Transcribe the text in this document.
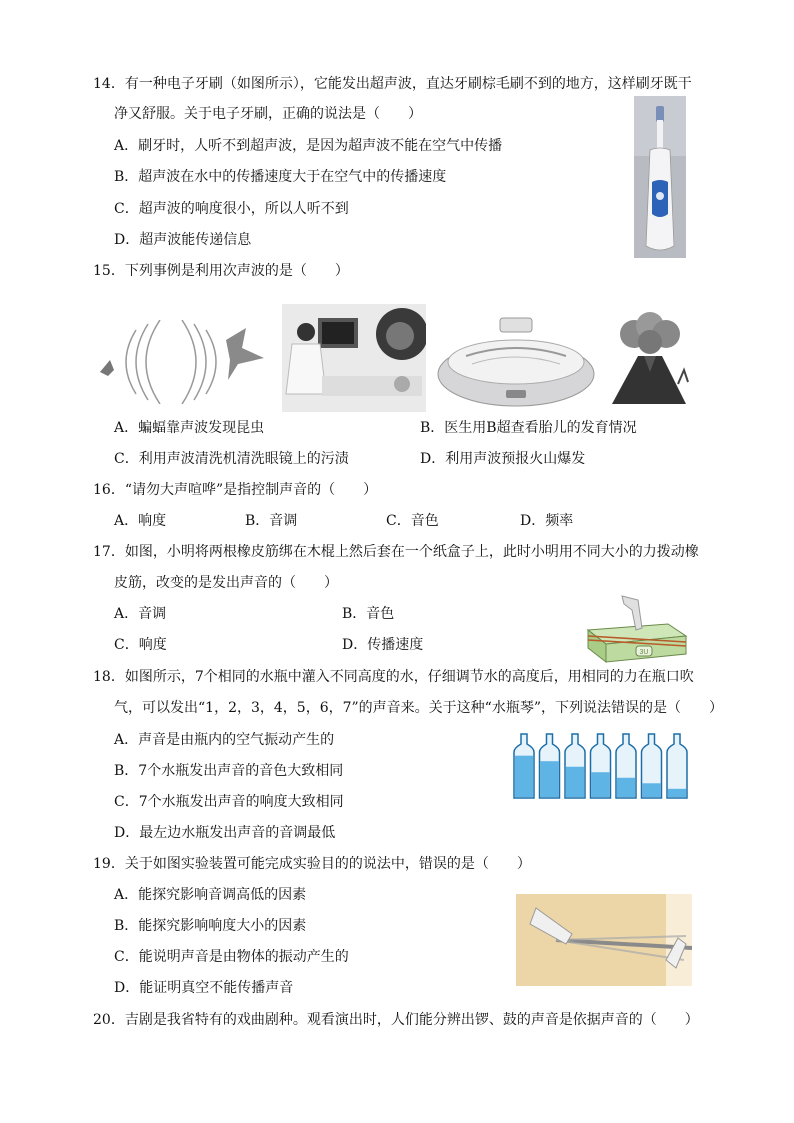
14．有一种电子牙刷（如图所示），它能发出超声波，直达牙刷棕毛刷不到的地方，这样刷牙既干
净又舒服。关于电子牙刷，正确的说法是（　　）
A．刷牙时，人听不到超声波，是因为超声波不能在空气中传播
B．超声波在水中的传播速度大于在空气中的传播速度
C．超声波的响度很小，所以人听不到
D．超声波能传递信息
15．下列事例是利用次声波的是（　　）
A．蝙蝠靠声波发现昆虫	B．医生用B超查看胎儿的发育情况
C．利用声波清洗机清洗眼镜上的污渍	D．利用声波预报火山爆发
16．“请勿大声喧哗”是指控制声音的（　　）
A．响度	B．音调	C．音色	D．频率
17．如图，小明将两根橡皮筋绑在木棍上然后套在一个纸盒子上，此时小明用不同大小的力拨动橡
皮筋，改变的是发出声音的（　　）
A．音调	B．音色
C．响度	D．传播速度	3U
18．如图所示，7个相同的水瓶中灌入不同高度的水，仔细调节水的高度后，用相同的力在瓶口吹
气，可以发出“1，2，3，4，5，6，7”的声音来。关于这种“水瓶琴”，下列说法错误的是（　　）
A．声音是由瓶内的空气振动产生的
B．7个水瓶发出声音的音色大致相同
C．7个水瓶发出声音的响度大致相同
D．最左边水瓶发出声音的音调最低
19．关于如图实验装置可能完成实验目的的说法中，错误的是（　　）
A．能探究影响音调高低的因素
B．能探究影响响度大小的因素
C．能说明声音是由物体的振动产生的
D．能证明真空不能传播声音
20．吉剧是我省特有的戏曲剧种。观看演出时，人们能分辨出锣、鼓的声音是依据声音的（　　）
